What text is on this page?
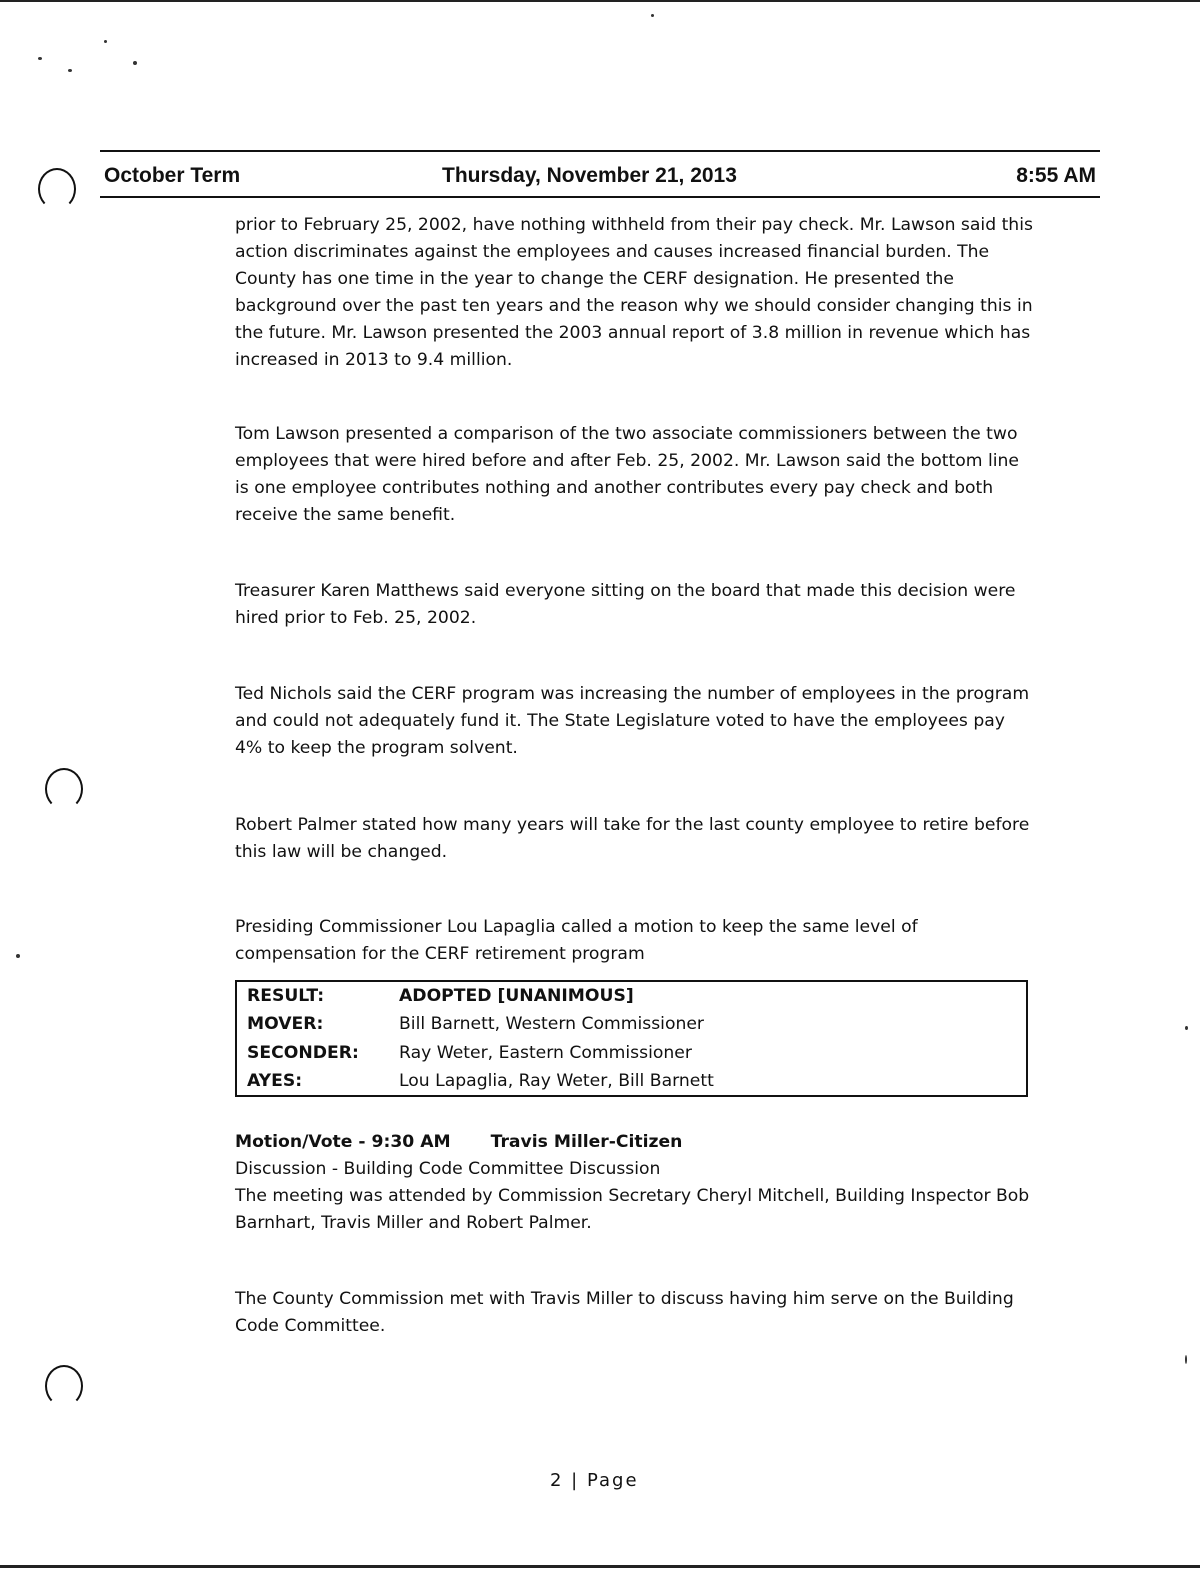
October Term	Thursday, November 21, 2013	8:55 AM

prior to February 25, 2002, have nothing withheld from their pay check. Mr. Lawson said this action discriminates against the employees and causes increased financial burden. The County has one time in the year to change the CERF designation. He presented the background over the past ten years and the reason why we should consider changing this in the future. Mr. Lawson presented the 2003 annual report of 3.8 million in revenue which has increased in 2013 to 9.4 million.

Tom Lawson presented a comparison of the two associate commissioners between the two employees that were hired before and after Feb. 25, 2002. Mr. Lawson said the bottom line is one employee contributes nothing and another contributes every pay check and both receive the same benefit.

Treasurer Karen Matthews said everyone sitting on the board that made this decision were hired prior to Feb. 25, 2002.

Ted Nichols said the CERF program was increasing the number of employees in the program and could not adequately fund it. The State Legislature voted to have the employees pay 4% to keep the program solvent.

Robert Palmer stated how many years will take for the last county employee to retire before this law will be changed.

Presiding Commissioner Lou Lapaglia called a motion to keep the same level of compensation for the CERF retirement program

RESULT:	ADOPTED [UNANIMOUS]
MOVER:	Bill Barnett, Western Commissioner
SECONDER:	Ray Weter, Eastern Commissioner
AYES:	Lou Lapaglia, Ray Weter, Bill Barnett
Motion/Vote - 9:30 AM Travis Miller-Citizen
Discussion - Building Code Committee Discussion
The meeting was attended by Commission Secretary Cheryl Mitchell, Building Inspector Bob Barnhart, Travis Miller and Robert Palmer.
The County Commission met with Travis Miller to discuss having him serve on the Building Code Committee.
2 | Page
